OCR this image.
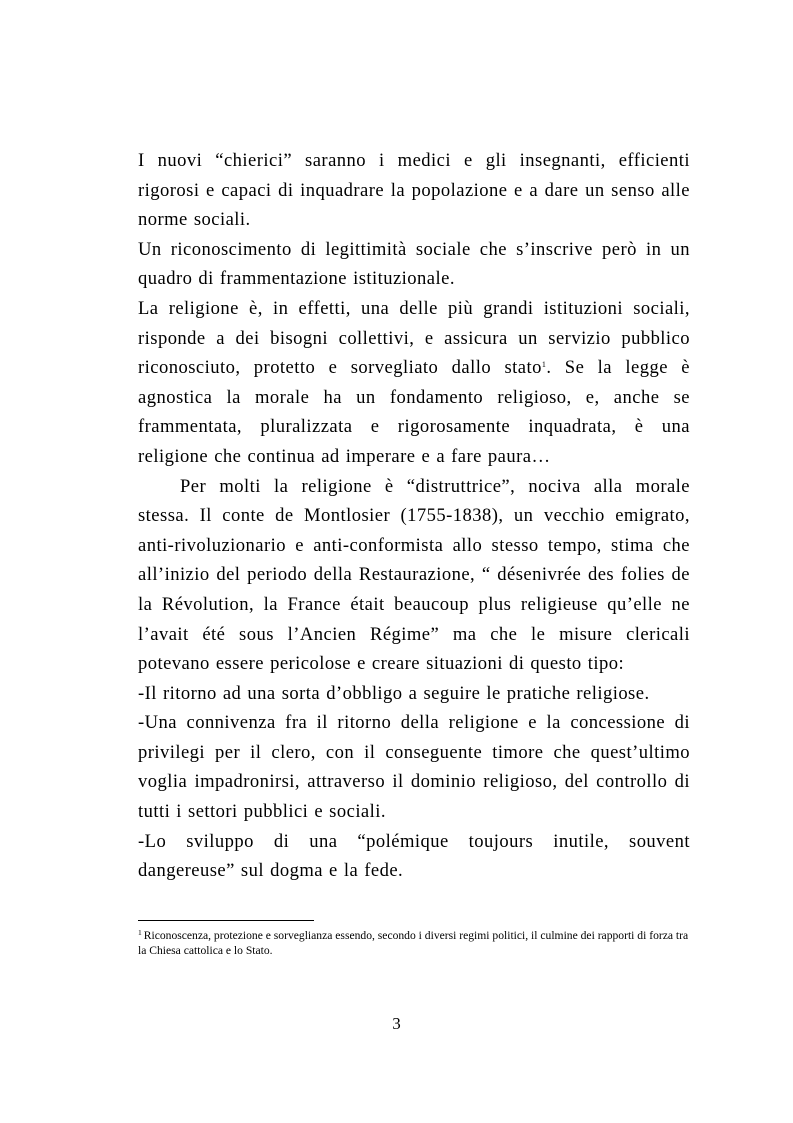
I nuovi “chierici” saranno i medici e gli insegnanti, efficienti rigorosi e capaci di inquadrare la popolazione e a dare un senso alle norme sociali.

Un riconoscimento di legittimità sociale che s’inscrive però in un quadro di frammentazione istituzionale.

La religione è, in effetti, una delle più grandi istituzioni sociali, risponde a dei bisogni collettivi, e assicura un servizio pubblico riconosciuto, protetto e sorvegliato dallo stato$^1$. Se la legge è agnostica la morale ha un fondamento religioso, e, anche se frammentata, pluralizzata e rigorosamente inquadrata, è una religione che continua ad imperare e a fare paura…

Per molti la religione è “distruttrice”, nociva alla morale stessa. Il conte de Montlosier (1755-1838), un vecchio emigrato, anti-rivoluzionario e anti-conformista allo stesso tempo, stima che all’inizio del periodo della Restaurazione, “ désenivrée des folies de la Révolution, la France était beaucoup plus religieuse qu’elle ne l’avait été sous l’Ancien Régime” ma che le misure clericali potevano essere pericolose e creare situazioni di questo tipo:

-Il ritorno ad una sorta d’obbligo a seguire le pratiche religiose.

-Una connivenza fra il ritorno della religione e la concessione di privilegi per il clero, con il conseguente timore che quest’ultimo voglia impadronirsi, attraverso il dominio religioso, del controllo di tutti i settori pubblici e sociali.

-Lo sviluppo di una “polémique toujours inutile, souvent dangereuse” sul dogma e la fede.

$^1$ Riconoscenza, protezione e sorveglianza essendo, secondo i diversi regimi politici, il culmine dei rapporti di forza tra la Chiesa cattolica e lo Stato.
3
